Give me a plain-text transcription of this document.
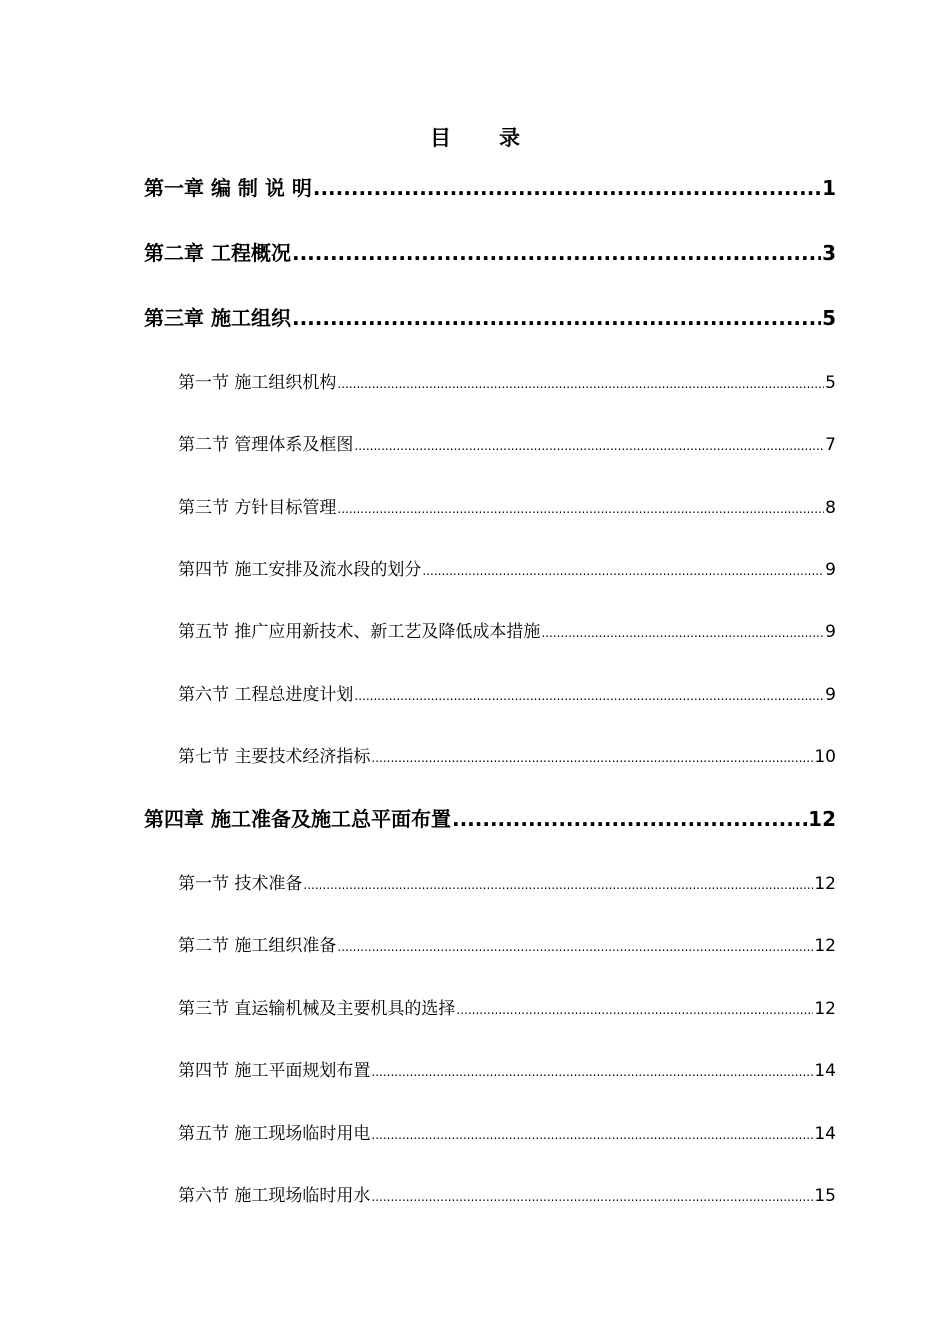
目 录
第一章 编 制 说 明 .....	1
第二章 工程概况 .....	3
第三章 施工组织 .....	5
第一节 施工组织机构 .....	5
第二节 管理体系及框图 .....	7
第三节 方针目标管理 .....	8
第四节 施工安排及流水段的划分 .....	9
第五节 推广应用新技术、新工艺及降低成本措施 .....	9
第六节 工程总进度计划 .....	9
第七节 主要技术经济指标 .....	10
第四章 施工准备及施工总平面布置 .....	12
第一节 技术准备 .....	12
第二节 施工组织准备 .....	12
第三节 直运输机械及主要机具的选择 .....	12
第四节 施工平面规划布置 .....	14
第五节 施工现场临时用电 .....	14
第六节 施工现场临时用水 .....	15
